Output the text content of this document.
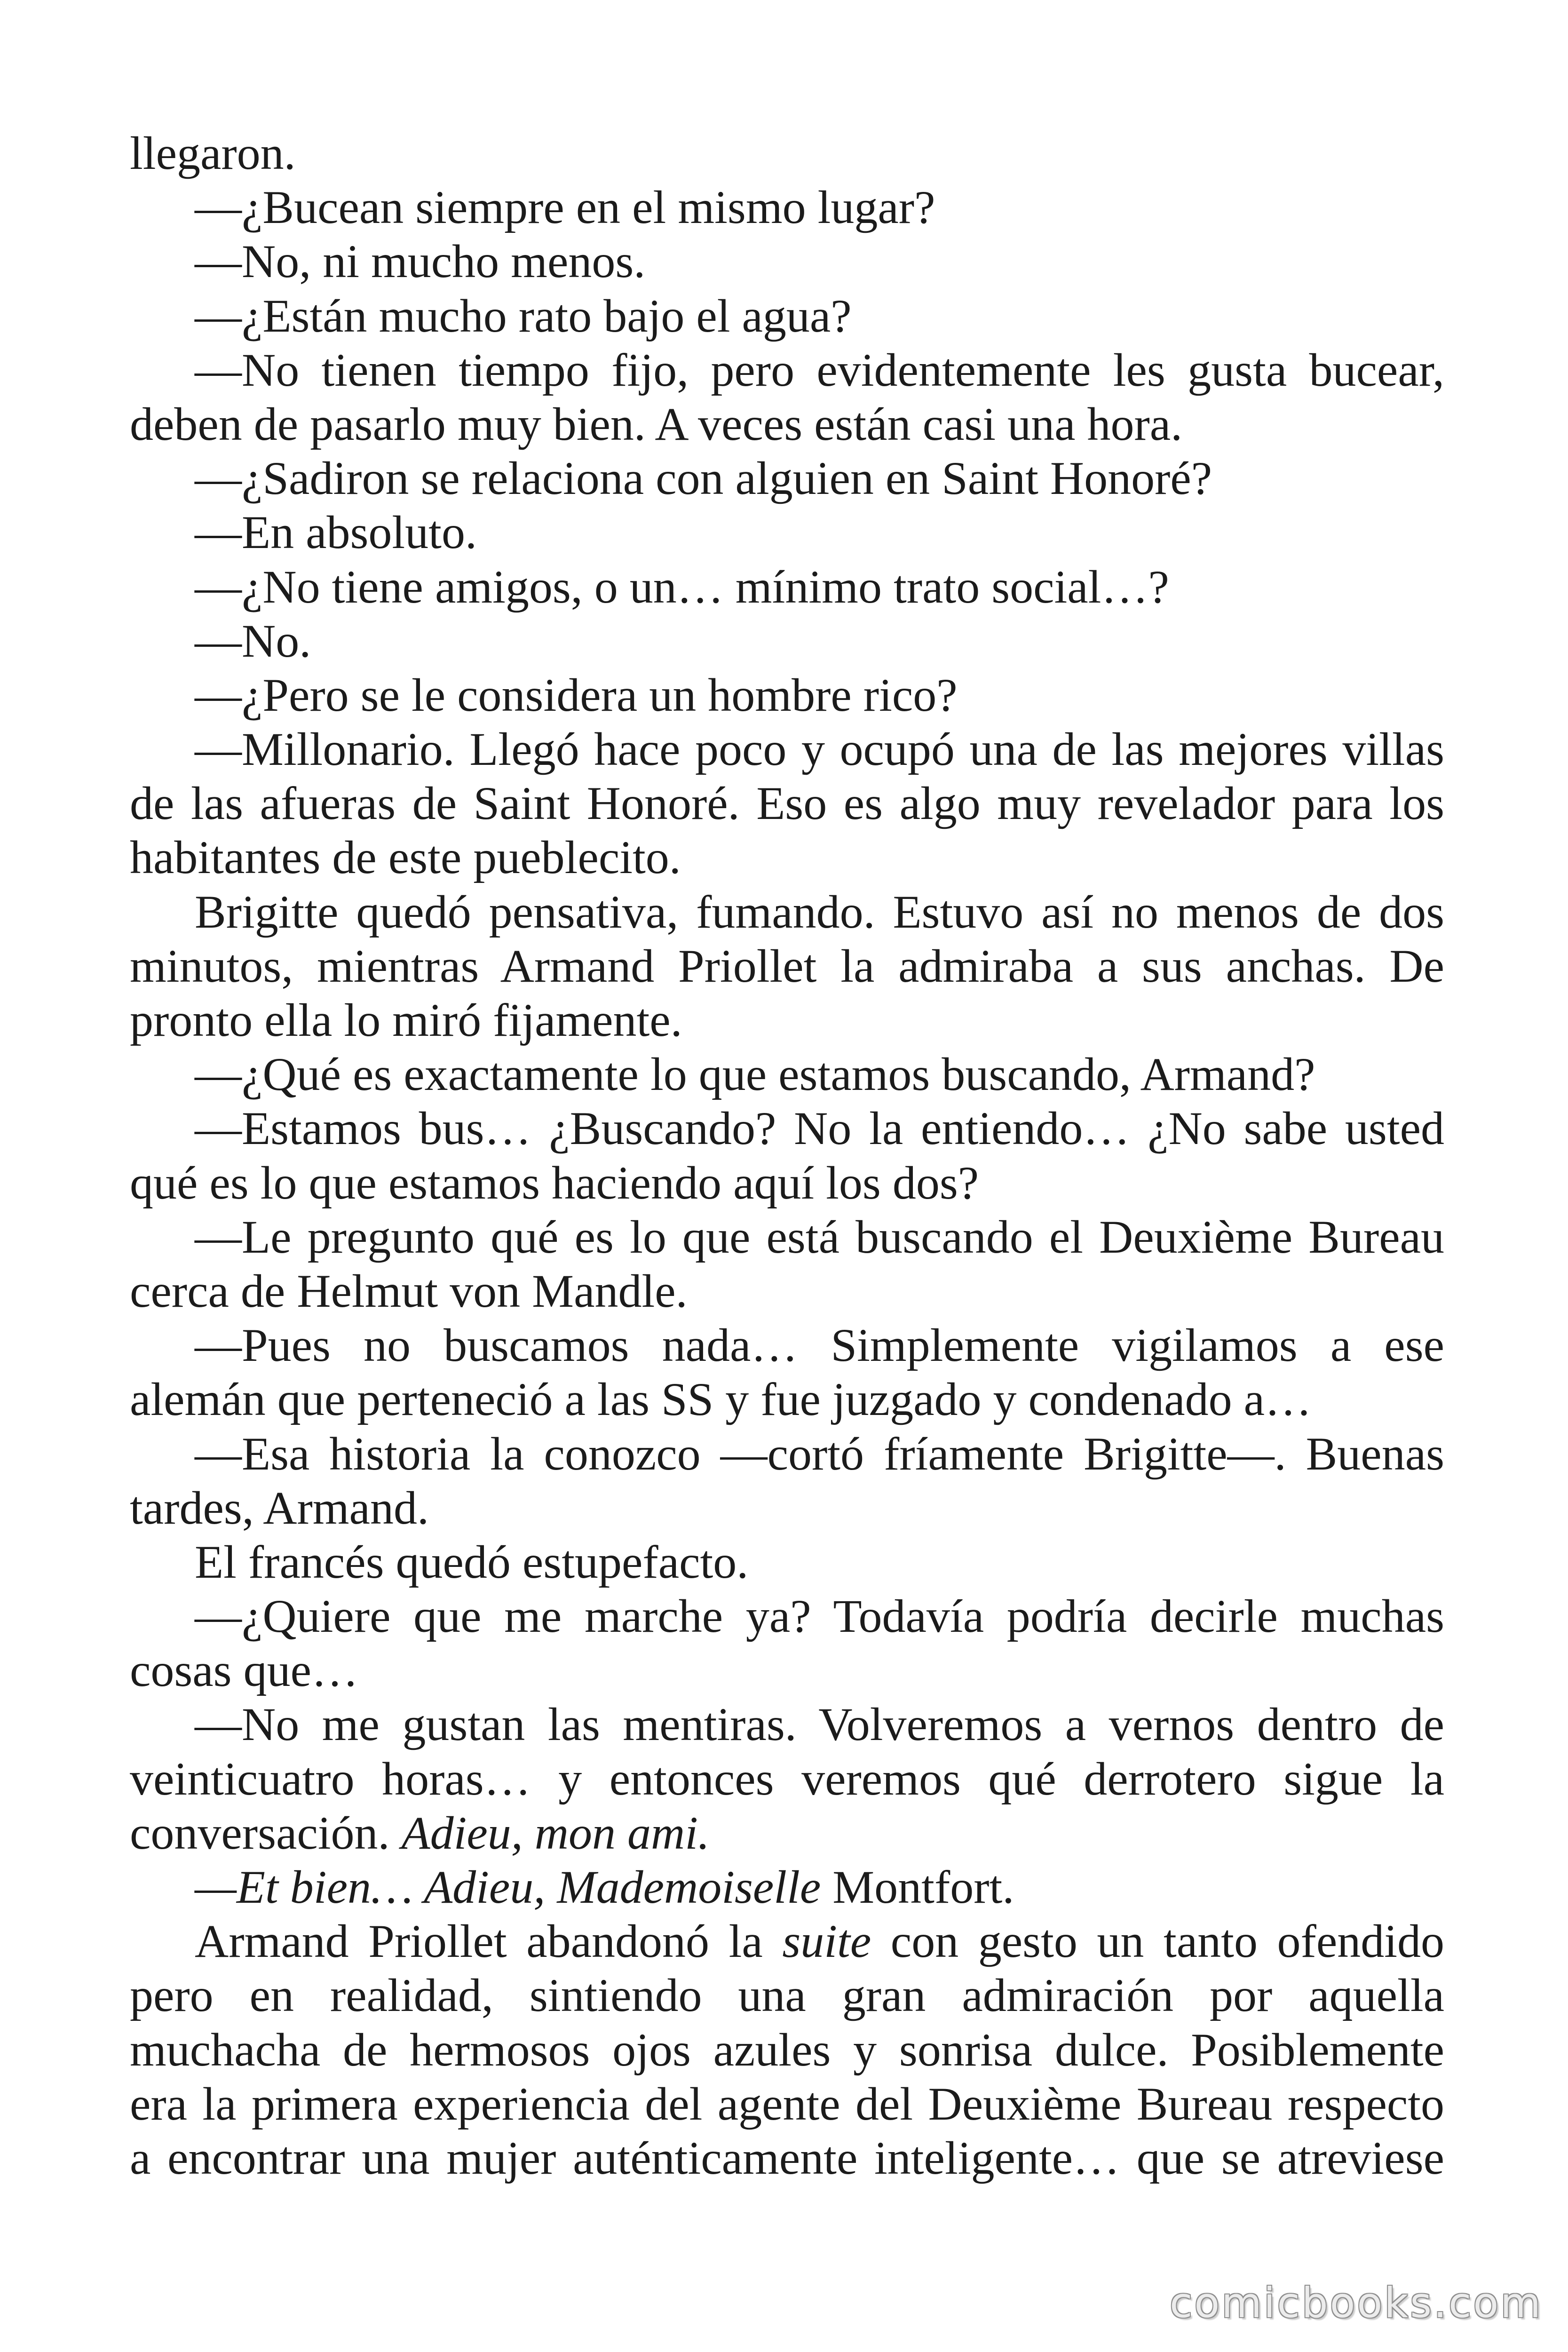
llegaron.
—¿Bucean siempre en el mismo lugar?
—No, ni mucho menos.
—¿Están mucho rato bajo el agua?
—No tienen tiempo fijo, pero evidentemente les gusta bucear,
deben de pasarlo muy bien. A veces están casi una hora.
—¿Sadiron se relaciona con alguien en Saint Honoré?
—En absoluto.
—¿No tiene amigos, o un… mínimo trato social…?
—No.
—¿Pero se le considera un hombre rico?
—Millonario. Llegó hace poco y ocupó una de las mejores villas
de las afueras de Saint Honoré. Eso es algo muy revelador para los
habitantes de este pueblecito.
Brigitte quedó pensativa, fumando. Estuvo así no menos de dos
minutos, mientras Armand Priollet la admiraba a sus anchas. De
pronto ella lo miró fijamente.
—¿Qué es exactamente lo que estamos buscando, Armand?
—Estamos bus… ¿Buscando? No la entiendo… ¿No sabe usted
qué es lo que estamos haciendo aquí los dos?
—Le pregunto qué es lo que está buscando el Deuxième Bureau
cerca de Helmut von Mandle.
—Pues no buscamos nada… Simplemente vigilamos a ese
alemán que perteneció a las SS y fue juzgado y condenado a…
—Esa historia la conozco —cortó fríamente Brigitte—. Buenas
tardes, Armand.
El francés quedó estupefacto.
—¿Quiere que me marche ya? Todavía podría decirle muchas
cosas que…
—No me gustan las mentiras. Volveremos a vernos dentro de
veinticuatro horas… y entonces veremos qué derrotero sigue la
conversación. Adieu, mon ami.
—Et bien… Adieu, Mademoiselle Montfort.
Armand Priollet abandonó la suite con gesto un tanto ofendido
pero en realidad, sintiendo una gran admiración por aquella
muchacha de hermosos ojos azules y sonrisa dulce. Posiblemente
era la primera experiencia del agente del Deuxième Bureau respecto
a encontrar una mujer auténticamente inteligente… que se atreviese
comicbooks.com
